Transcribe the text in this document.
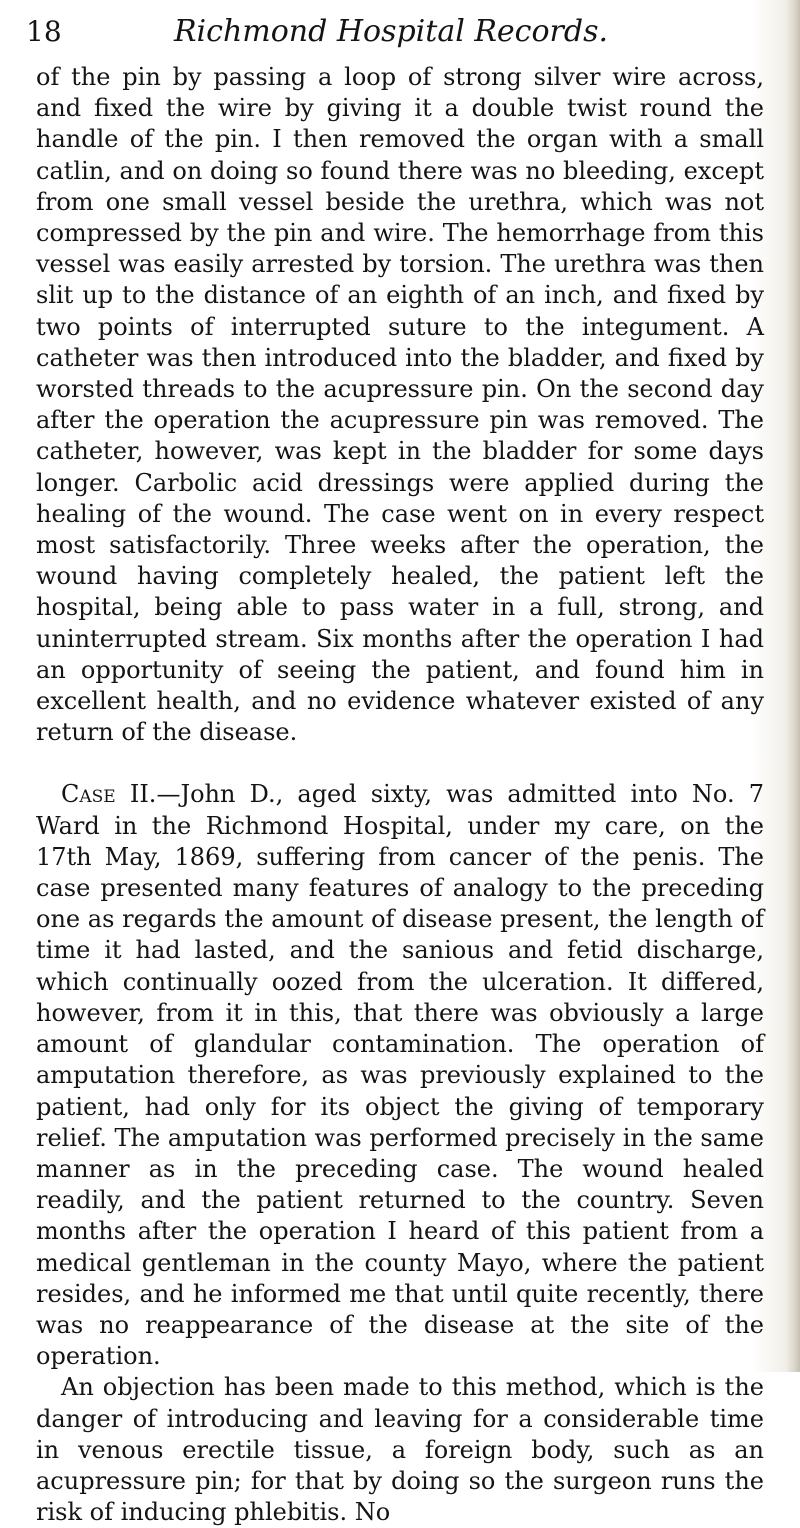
18	Richmond Hospital Records.

of the pin by passing a loop of strong silver wire across, and fixed the wire by giving it a double twist round the handle of the pin. I then removed the organ with a small catlin, and on doing so found there was no bleeding, except from one small vessel beside the urethra, which was not compressed by the pin and wire. The hemorrhage from this vessel was easily arrested by torsion. The urethra was then slit up to the distance of an eighth of an inch, and fixed by two points of interrupted suture to the integument. A catheter was then introduced into the bladder, and fixed by worsted threads to the acupressure pin. On the second day after the operation the acupressure pin was removed. The catheter, however, was kept in the bladder for some days longer. Carbolic acid dressings were applied during the healing of the wound. The case went on in every respect most satisfactorily. Three weeks after the operation, the wound having completely healed, the patient left the hospital, being able to pass water in a full, strong, and uninterrupted stream. Six months after the operation I had an opportunity of seeing the patient, and found him in excellent health, and no evidence whatever existed of any return of the disease.

Case II.—John D., aged sixty, was admitted into No. 7 Ward in the Richmond Hospital, under my care, on the 17th May, 1869, suffering from cancer of the penis. The case presented many features of analogy to the preceding one as regards the amount of disease present, the length of time it had lasted, and the sanious and fetid discharge, which continually oozed from the ulceration. It differed, however, from it in this, that there was obviously a large amount of glandular contamination. The operation of amputation therefore, as was previously explained to the patient, had only for its object the giving of temporary relief. The amputation was performed precisely in the same manner as in the preceding case. The wound healed readily, and the patient returned to the country. Seven months after the operation I heard of this patient from a medical gentleman in the county Mayo, where the patient resides, and he informed me that until quite recently, there was no reappearance of the disease at the site of the operation.

An objection has been made to this method, which is the danger of introducing and leaving for a considerable time in venous erectile tissue, a foreign body, such as an acupressure pin; for that by doing so the surgeon runs the risk of inducing phlebitis. No
